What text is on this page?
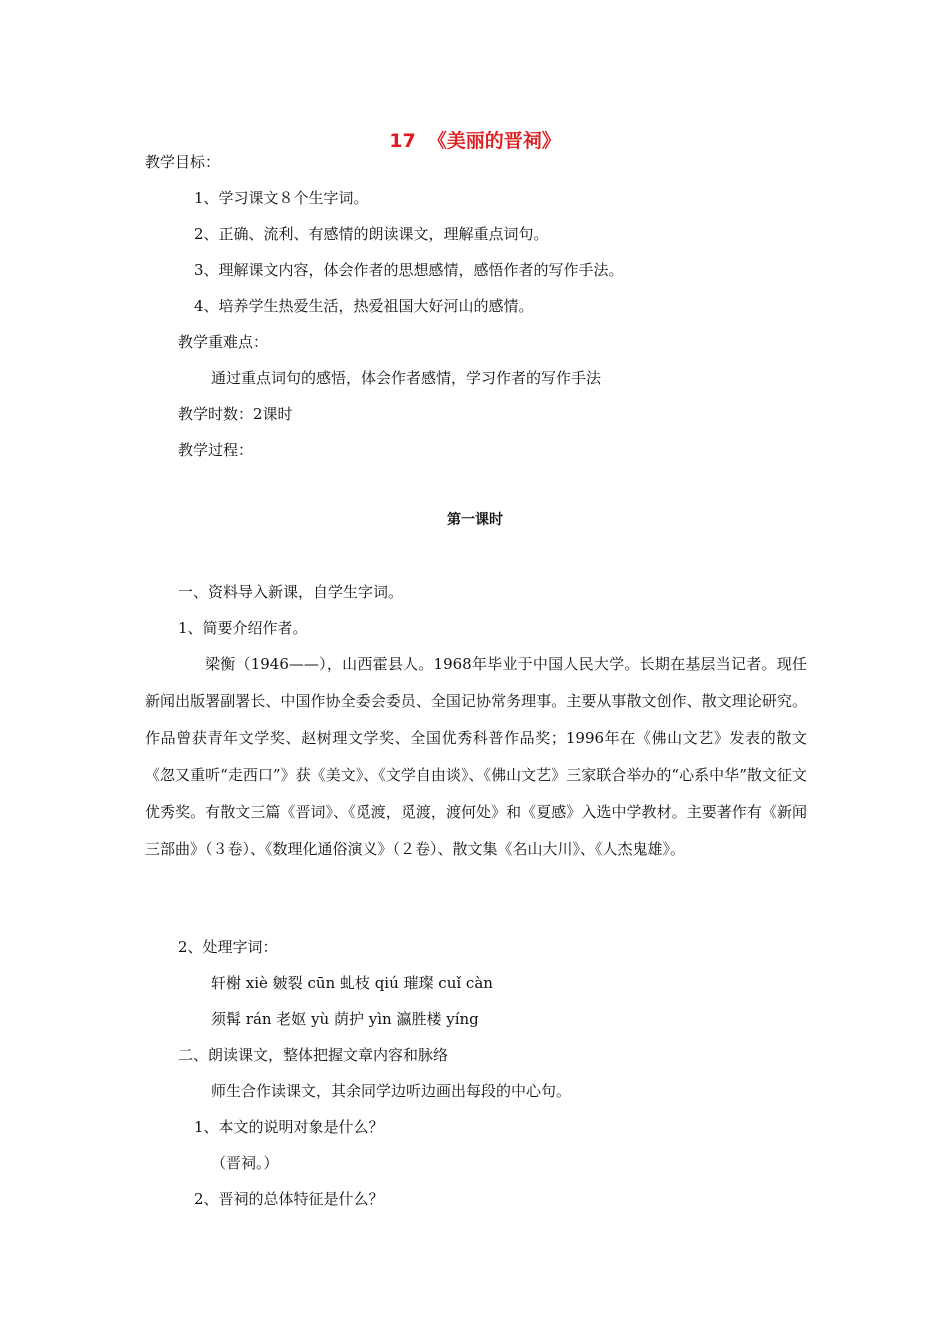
17 《美丽的晋祠》
教学目标：
1、学习课文８个生字词。
2、正确、流利、有感情的朗读课文，理解重点词句。
3、理解课文内容，体会作者的思想感情，感悟作者的写作手法。
4、培养学生热爱生活，热爱祖国大好河山的感情。
教学重难点：
通过重点词句的感悟，体会作者感情，学习作者的写作手法
教学时数：2课时
教学过程：
第一课时
一、资料导入新课，自学生字词。
1、简要介绍作者。
梁衡（1946——），山西霍县人。1968年毕业于中国人民大学。长期在基层当记者。现任新闻出版署副署长、中国作协全委会委员、全国记协常务理事。主要从事散文创作、散文理论研究。作品曾获青年文学奖、赵树理文学奖、全国优秀科普作品奖；1996年在《佛山文艺》发表的散文《忽又重听“走西口”》获《美文》、《文学自由谈》、《佛山文艺》三家联合举办的“心系中华”散文征文优秀奖。有散文三篇《晋词》、《觅渡，觅渡，渡何处》和《夏感》入选中学教材。主要著作有《新闻三部曲》（３卷）、《数理化通俗演义》（２卷）、散文集《名山大川》、《人杰鬼雄》。
2、处理字词：
轩榭 xiè 皴裂 cūn 虬枝 qiú 璀璨 cuǐ càn
须髯 rán 老妪 yù 荫护 yìn 瀛胜楼 yíng
二、朗读课文，整体把握文章内容和脉络
师生合作读课文，其余同学边听边画出每段的中心句。
1、本文的说明对象是什么？
（晋祠。）
2、晋祠的总体特征是什么？
